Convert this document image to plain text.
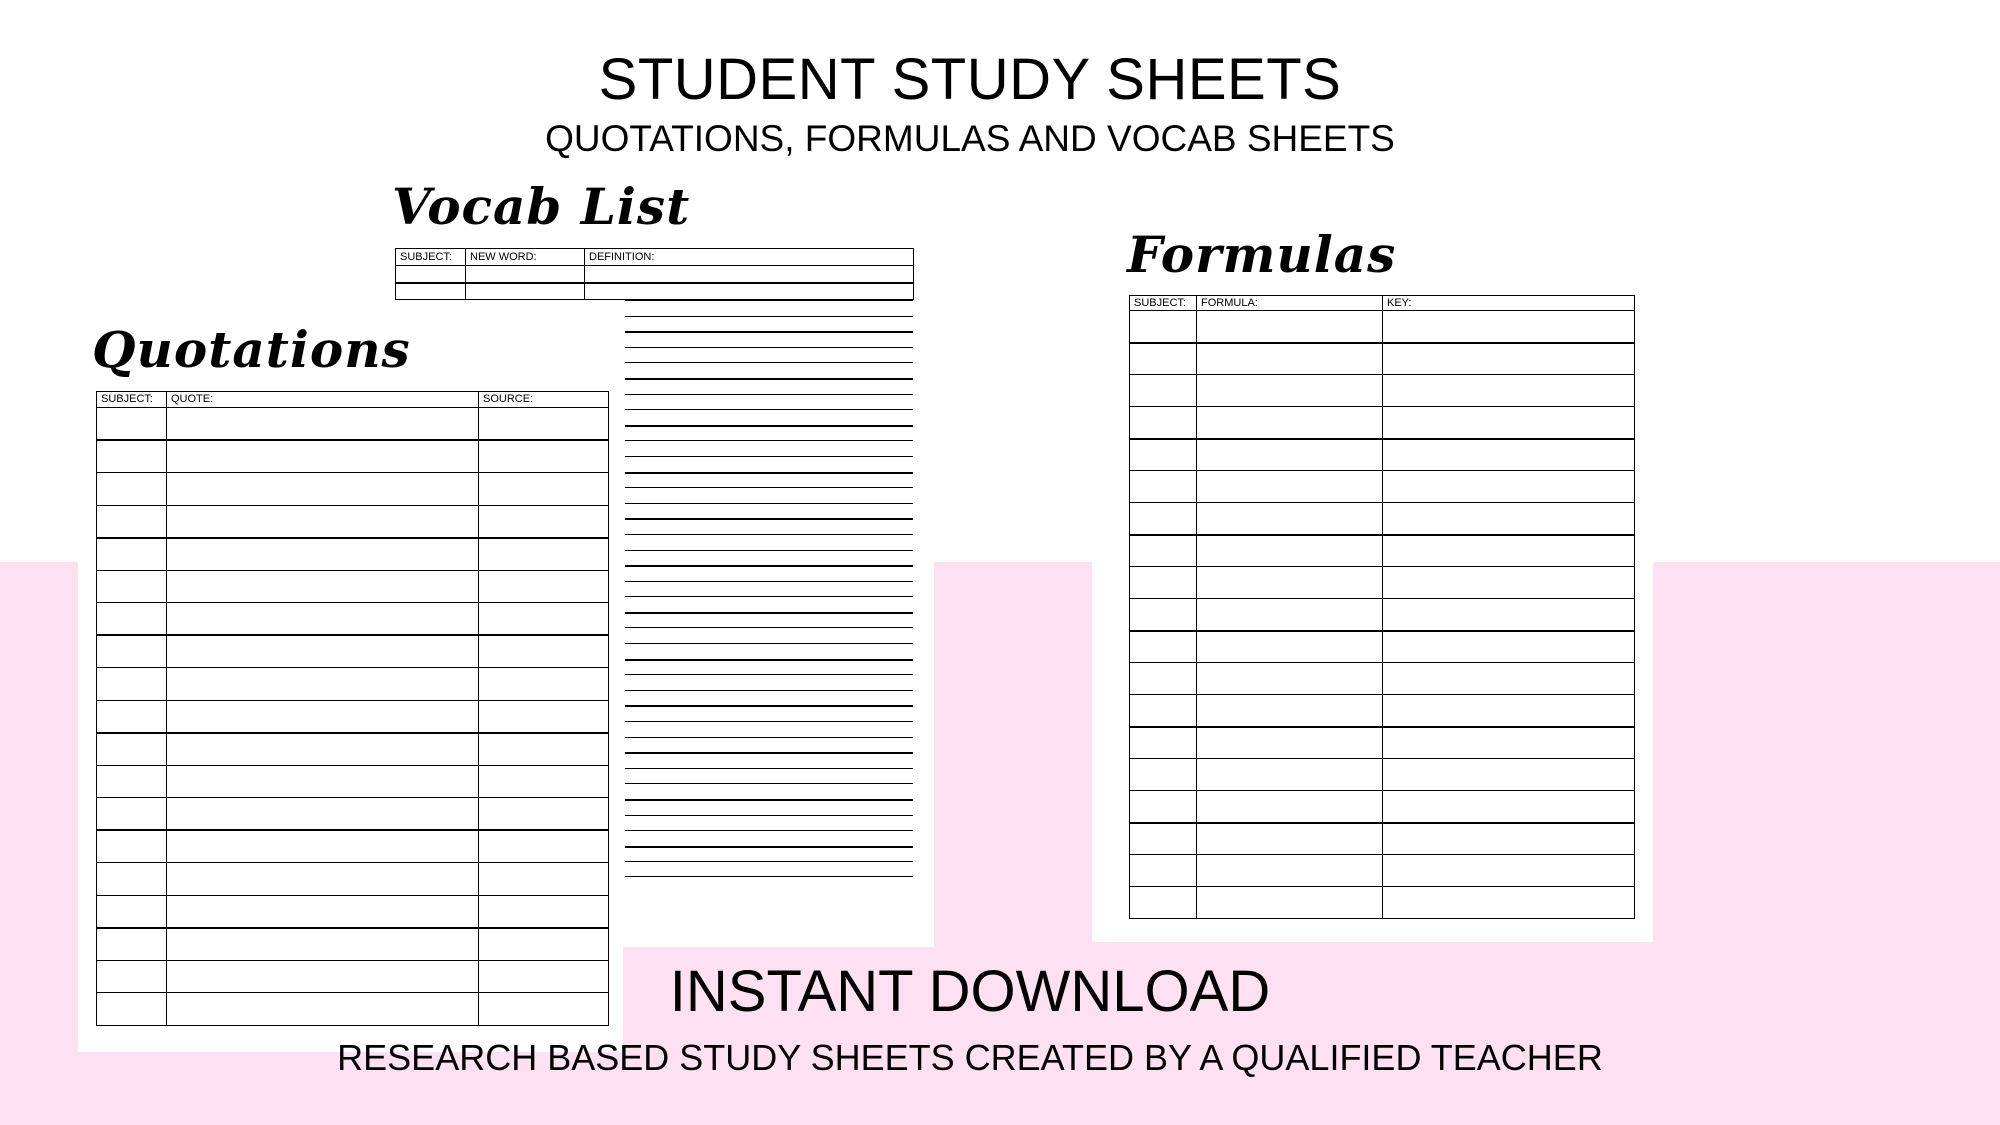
STUDENT STUDY SHEETS
QUOTATIONS, FORMULAS AND VOCAB SHEETS
Vocab List
SUBJECT:	NEW WORD:	DEFINITION:

Quotations
SUBJECT:	QUOTE:	SOURCE:

Formulas
SUBJECT:	FORMULA:	KEY:

INSTANT DOWNLOAD
RESEARCH BASED STUDY SHEETS CREATED BY A QUALIFIED TEACHER
